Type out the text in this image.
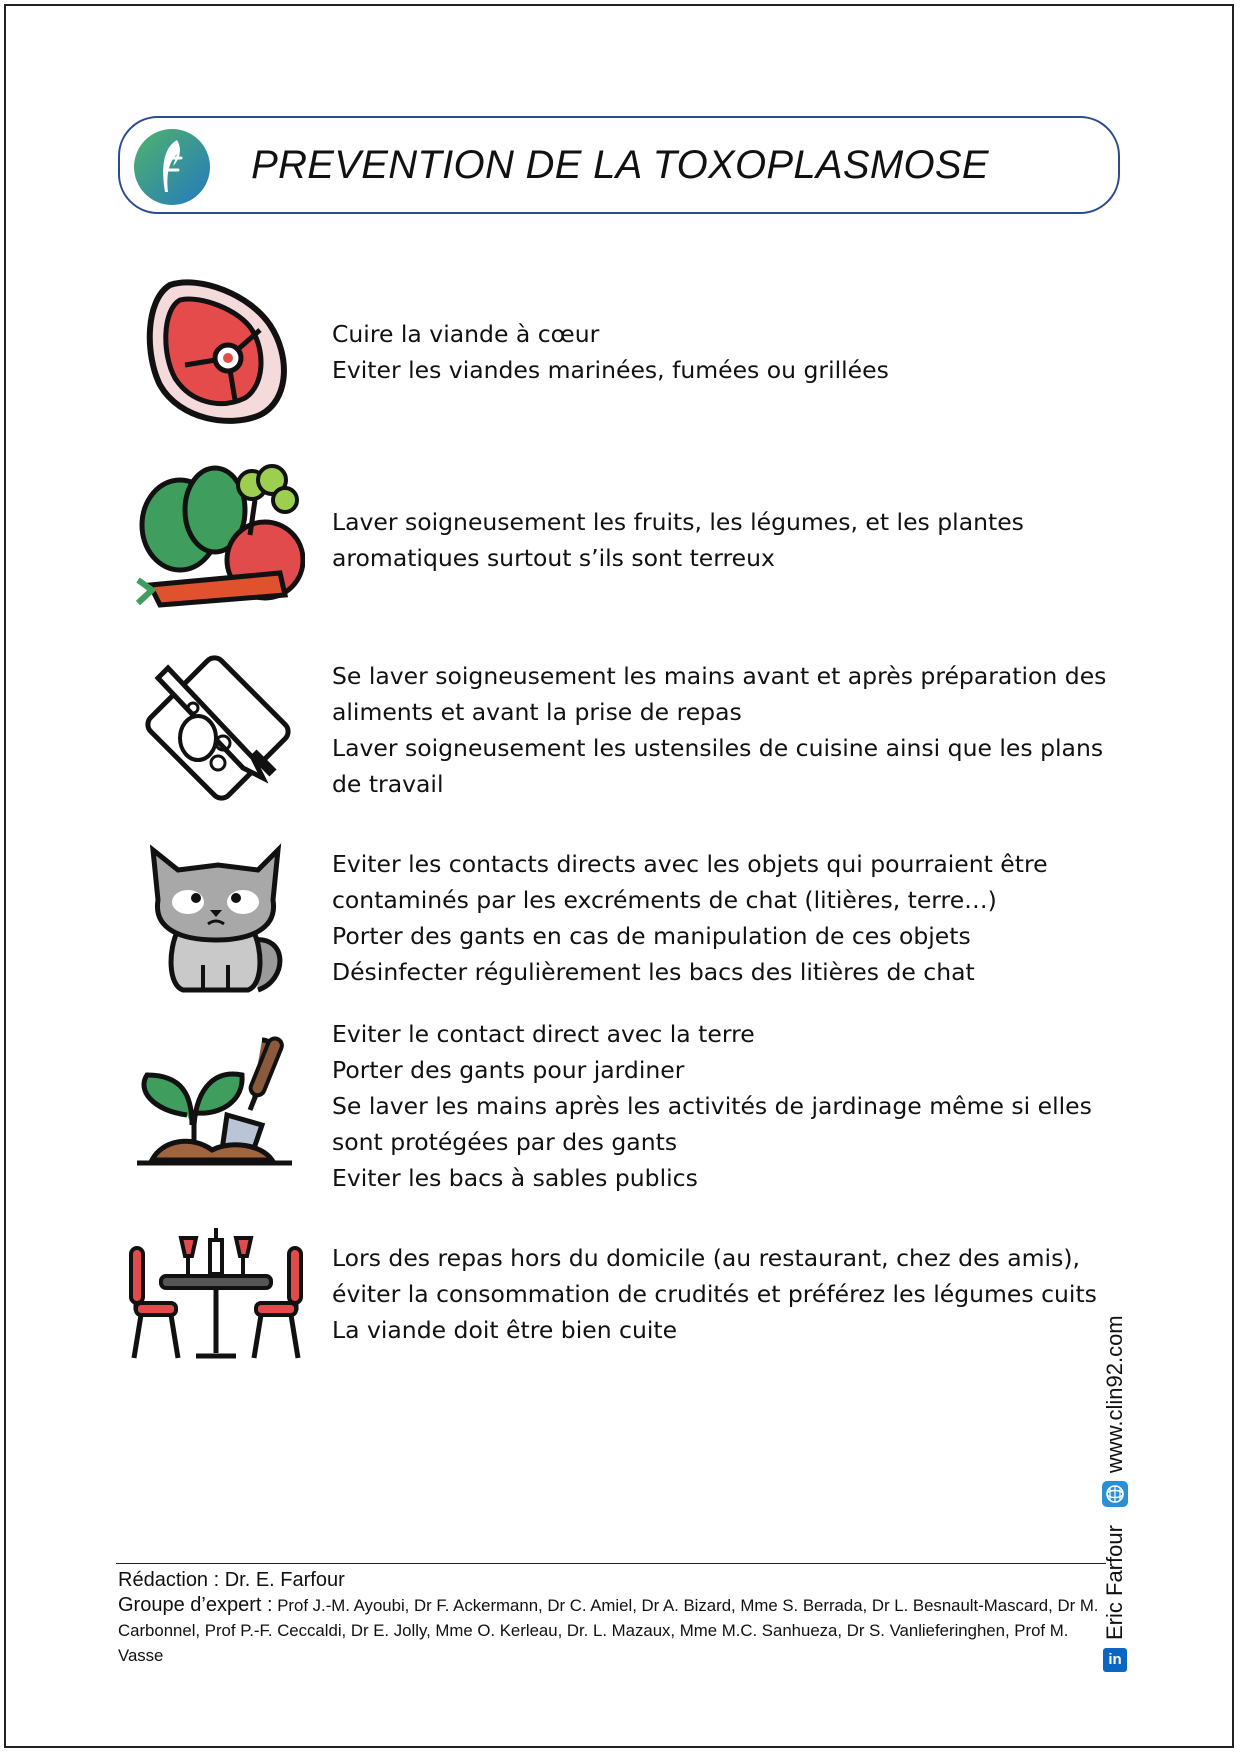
PREVENTION DE LA TOXOPLASMOSE
Cuire la viande à cœur
Eviter les viandes marinées, fumées ou grillées
Laver soigneusement les fruits, les légumes, et les plantes
aromatiques surtout s’ils sont terreux
Se laver soigneusement les mains avant et après préparation des
aliments et avant la prise de repas
Laver soigneusement les ustensiles de cuisine ainsi que les plans
de travail
Eviter les contacts directs avec les objets qui pourraient être
contaminés par les excréments de chat (litières, terre…)
Porter des gants en cas de manipulation de ces objets
Désinfecter régulièrement les bacs des litières de chat
Eviter le contact direct avec la terre
Porter des gants pour jardiner
Se laver les mains après les activités de jardinage même si elles
sont protégées par des gants
Eviter les bacs à sables publics
Lors des repas hors du domicile (au restaurant, chez des amis),
éviter la consommation de crudités et préférez les légumes cuits
La viande doit être bien cuite
Rédaction : Dr. E. Farfour
Groupe d’expert : Prof J.-M. Ayoubi, Dr F. Ackermann, Dr C. Amiel, Dr A. Bizard, Mme S. Berrada, Dr L. Besnault-Mascard, Dr M. Carbonnel, Prof P.-F. Ceccaldi, Dr E. Jolly, Mme O. Kerleau, Dr. L. Mazaux, Mme M.C. Sanhueza, Dr S. Vanlieferinghen, Prof M. Vasse	in
Eric Farfour
www.clin92.com
